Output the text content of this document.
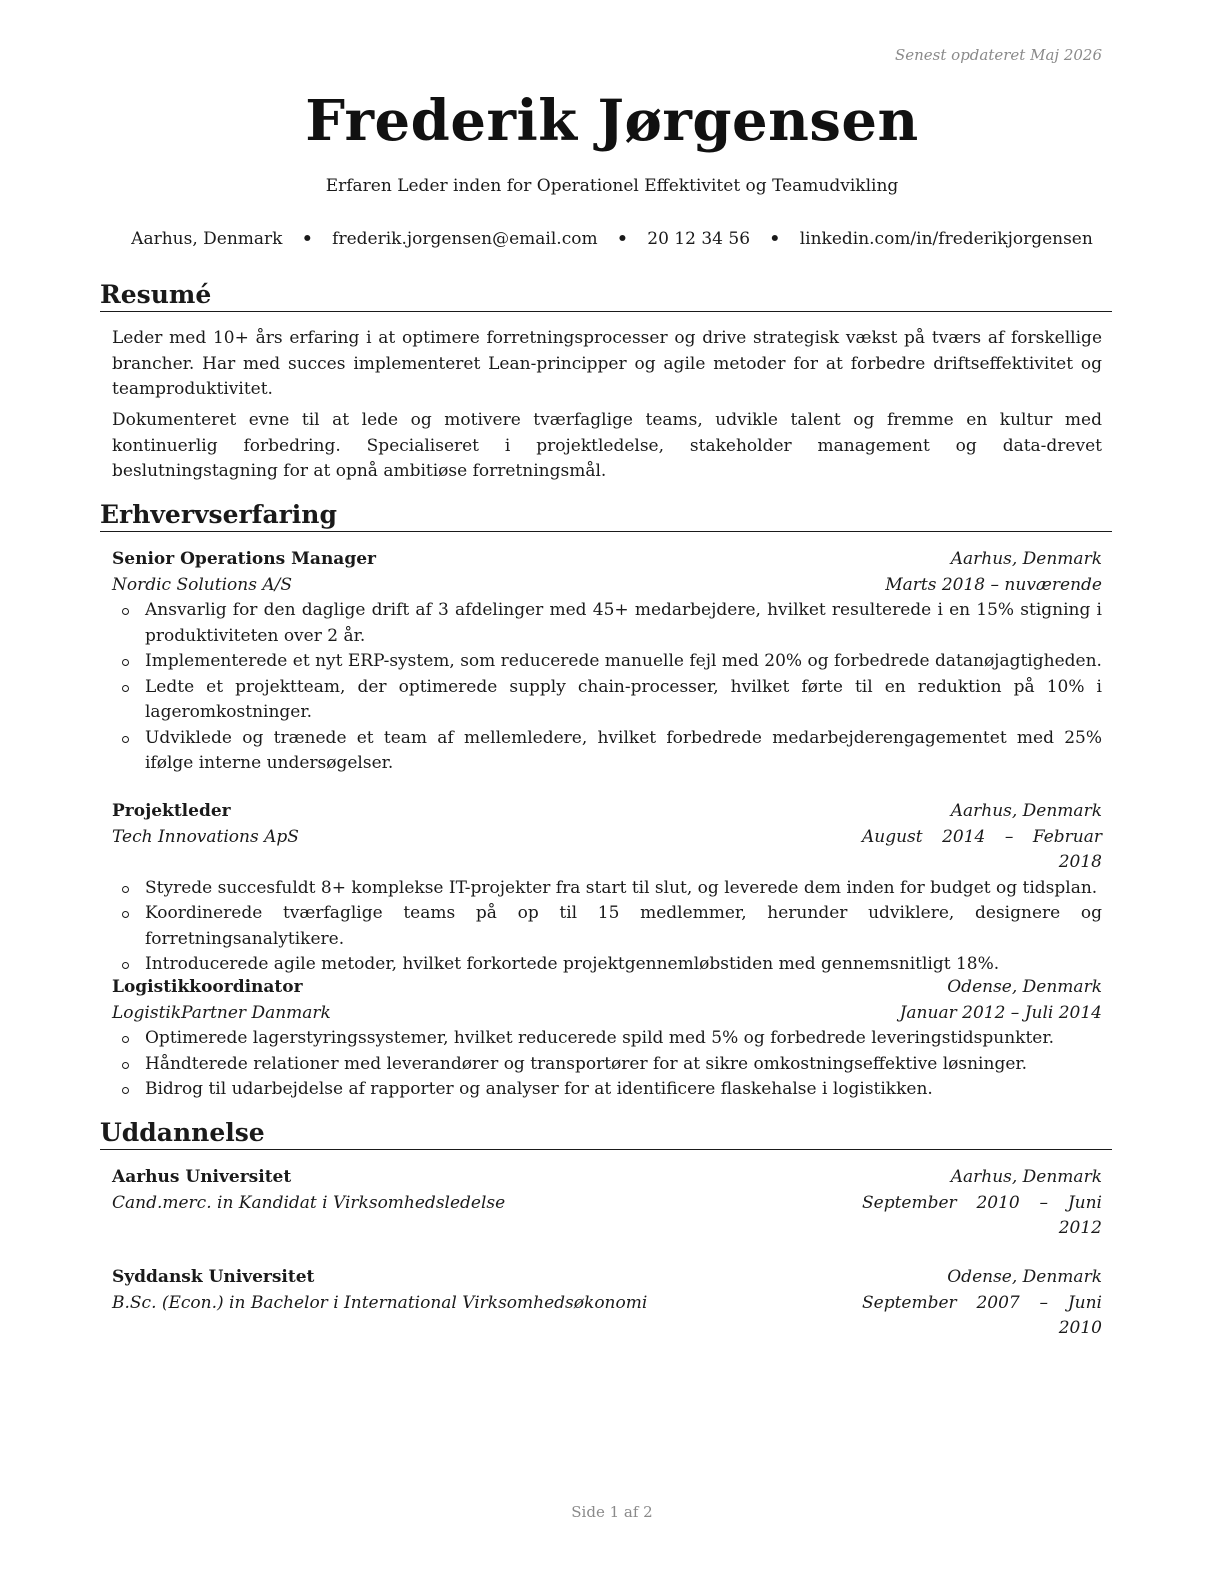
Senest opdateret Maj 2026
Frederik Jørgensen
Erfaren Leder inden for Operationel Effektivitet og Teamudvikling
Aarhus, Denmark • frederik.jorgensen@email.com • 20 12 34 56 • linkedin.com/in/frederikjorgensen
Resumé
Leder med 10+ års erfaring i at optimere forretningsprocesser og drive strategisk vækst på tværs af forskellige brancher. Har med succes implementeret Lean-principper og agile metoder for at forbedre driftseffektivitet og teamproduktivitet.
Dokumenteret evne til at lede og motivere tværfaglige teams, udvikle talent og fremme en kultur med kontinuerlig forbedring. Specialiseret i projektledelse, stakeholder management og data-drevet beslutningstagning for at opnå ambitiøse forretningsmål.
Erhvervserfaring
Senior Operations Manager	Aarhus, Denmark
Nordic Solutions A/S	Marts 2018 – nuværende
Ansvarlig for den daglige drift af 3 afdelinger med 45+ medarbejdere, hvilket resulterede i en 15% stigning i produktiviteten over 2 år.
Implementerede et nyt ERP-system, som reducerede manuelle fejl med 20% og forbedrede datanøjagtigheden.
Ledte et projektteam, der optimerede supply chain-processer, hvilket førte til en reduktion på 10% i lageromkostninger.
Udviklede og trænede et team af mellemledere, hvilket forbedrede medarbejderengagementet med 25% ifølge interne undersøgelser.
Projektleder	Aarhus, Denmark
Tech Innovations ApS	August 2014 – Februar 2018
Styrede succesfuldt 8+ komplekse IT-projekter fra start til slut, og leverede dem inden for budget og tidsplan.
Koordinerede tværfaglige teams på op til 15 medlemmer, herunder udviklere, designere og forretningsanalytikere.
Introducerede agile metoder, hvilket forkortede projektgennemløbstiden med gennemsnitligt 18%.
Logistikkoordinator	Odense, Denmark
LogistikPartner Danmark	Januar 2012 – Juli 2014
Optimerede lagerstyringssystemer, hvilket reducerede spild med 5% og forbedrede leveringstidspunkter.
Håndterede relationer med leverandører og transportører for at sikre omkostningseffektive løsninger.
Bidrog til udarbejdelse af rapporter og analyser for at identificere flaskehalse i logistikken.
Uddannelse
Aarhus Universitet	Aarhus, Denmark
Cand.merc. in Kandidat i Virksomhedsledelse	September 2010 – Juni 2012
Syddansk Universitet	Odense, Denmark
B.Sc. (Econ.) in Bachelor i International Virksomhedsøkonomi	September 2007 – Juni 2010
Side 1 af 2
